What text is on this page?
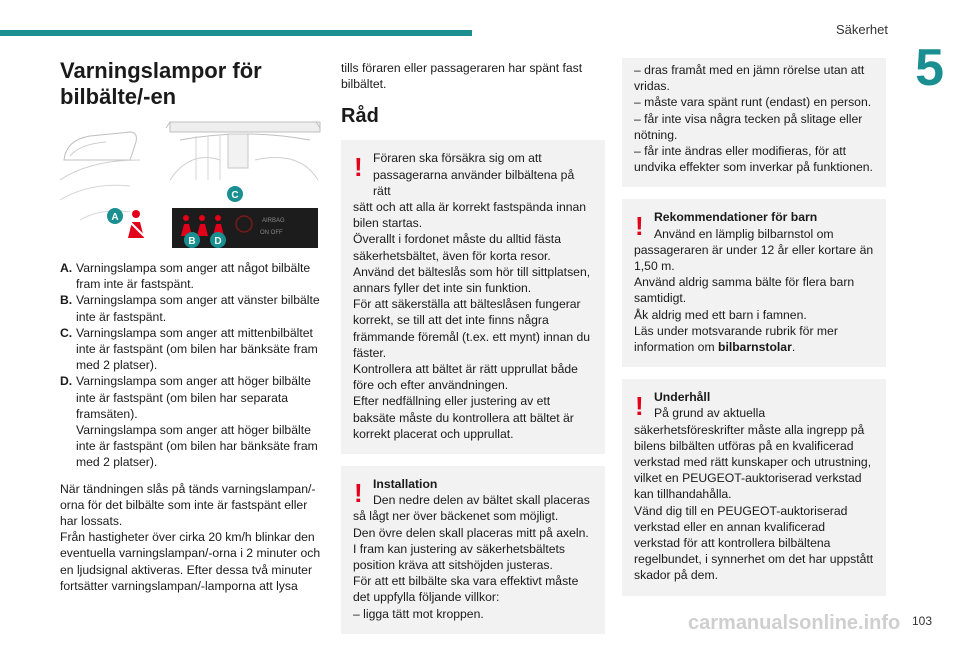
Säkerhet
5
Varningslampor för bilbälte/-en
A	AIRBAG
ON OFF
C
B D
A. Varningslampa som anger att något bilbälte fram inte är fastspänt.

B. Varningslampa som anger att vänster bilbälte inte är fastspänt.

C. Varningslampa som anger att mittenbilbältet inte är fastspänt (om bilen har bänksäte fram med 2 platser).

D. Varningslampa som anger att höger bilbälte inte är fastspänt (om bilen har separata framsäten).

Varningslampa som anger att höger bilbälte inte är fastspänt (om bilen har bänksäte fram med 2 platser).

När tändningen slås på tänds varningslampan/-orna för det bilbälte som inte är fastspänt eller har lossats.

Från hastigheter över cirka 20 km/h blinkar den eventuella varningslampan/-orna i 2 minuter och en ljudsignal aktiveras. Efter dessa två minuter fortsätter varningslampan/-lamporna att lysa

tills föraren eller passageraren har spänt fast bilbältet.

Råd
! Föraren ska försäkra sig om att passagerarna använder bilbältena på rätt

sätt och att alla är korrekt fastspända innan bilen startas.

Överallt i fordonet måste du alltid fästa säkerhetsbältet, även för korta resor.

Använd det bälteslås som hör till sittplatsen, annars fyller det inte sin funktion.

För att säkerställa att bälteslåsen fungerar korrekt, se till att det inte finns några främmande föremål (t.ex. ett mynt) innan du fäster.

Kontrollera att bältet är rätt upprullat både före och efter användningen.

Efter nedfällning eller justering av ett baksäte måste du kontrollera att bältet är korrekt placerat och upprullat.

! Installation

Den nedre delen av bältet skall placeras

så lågt ner över bäckenet som möjligt.

Den övre delen skall placeras mitt på axeln.

I fram kan justering av säkerhetsbältets position kräva att sitshöjden justeras.

För att ett bilbälte ska vara effektivt måste det uppfylla följande villkor:

– ligga tätt mot kroppen.

– dras framåt med en jämn rörelse utan att vridas.

– måste vara spänt runt (endast) en person.

– får inte visa några tecken på slitage eller nötning.

– får inte ändras eller modifieras, för att undvika effekter som inverkar på funktionen.

! Rekommendationer för barn

Använd en lämplig bilbarnstol om

passageraren är under 12 år eller kortare än 1,50 m.

Använd aldrig samma bälte för flera barn samtidigt.

Åk aldrig med ett barn i famnen.

Läs under motsvarande rubrik för mer information om bilbarnstolar.

! Underhåll

På grund av aktuella

säkerhetsföreskrifter måste alla ingrepp på bilens bilbälten utföras på en kvalificerad verkstad med rätt kunskaper och utrustning, vilket en PEUGEOT-auktoriserad verkstad kan tillhandahålla.

Vänd dig till en PEUGEOT-auktoriserad verkstad eller en annan kvalificerad verkstad för att kontrollera bilbältena regelbundet, i synnerhet om det har uppstått skador på dem.

103
carmanualsonline.info
